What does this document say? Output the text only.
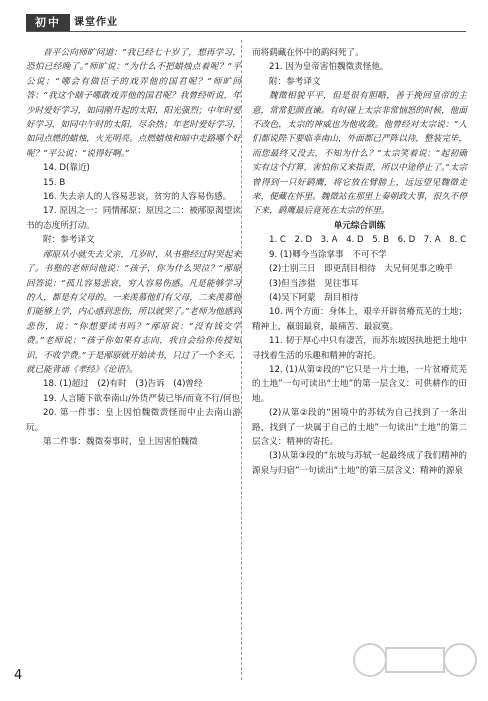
初中	课堂作业

晋平公向师旷问道：“我已经七十岁了，想再学习，恐怕已经晚了。”师旷说：“为什么不把蜡烛点着呢？”平公说：“哪会有做臣子的戏弄他的国君呢？”师旷回答：“我这个瞎子哪敢戏弄他的国君呢？我曾经听说，年少时爱好学习，如同刚升起的太阳，阳光强烈；中年时爱好学习，如同中午时的太阳，尽余热；年老时爱好学习，如同点燃的蜡烛，火光明亮。点燃蜡烛和暗中走路哪个好呢？”平公说：“说得好啊。”

14. D(靠近)

15. B

16. 失去亲人的人容易悲哀，贫穷的人容易伤感。

17. 原因之一：同情邴原；原因之二：被邴原渴望读书的态度所打动。

附：参考译文

邴原从小就失去父亲，几岁时，从书塾经过时哭起来了。书塾的老师问他说：“孩子，你为什么哭泣？”邴原回答说：“孤儿容易悲哀，穷人容易伤感。凡是能够学习的人，都是有父母的。一来羡慕他们有父母，二来羡慕他们能够上学，内心感到悲伤，所以就哭了。”老师为他感到悲伤，说：“你想要读书吗？”邴原说：“没有钱交学费。”老师说：“孩子你如果有志向，我自会给你传授知识，不收学费。”于是邴原就开始读书，只过了一个冬天，就已能背诵《孝经》《论语》。

18. (1)超过　(2)有时　(3)告诉　(4)曾经

19. 人言随下欲奉南山/外货严装已毕/而竟不行/何也

20. 第一件事：皇上因怕魏徵责怪而中止去南山游玩。

第二件事：魏徵奏事时，皇上因害怕魏徵

而将鹞藏在怀中的鹞闷死了。

21. 因为皇帝害怕魏徵责怪他。

附：参考译文

魏徵相貌平平，但是很有胆略，善于挽回皇帝的主意，常常犯颜直谏。有时碰上太宗非常恼怒的时候，他面不改色，太宗的神威也为他收敛。他曾经对太宗说：“人们都说陛下要临幸南山，外面都已严阵以待，整装完毕，而您最终又没去，不知为什么？”太宗笑着说：“起初确实有这个打算，害怕你又来指责，所以中途停止了。”太宗曾得到一只好鹞鹰，将它放在臂膀上，远远望见魏徵走来，便藏在怀里。魏徵站在那里上奏朝政大事，很久不停下来，鹞鹰最后竟死在太宗的怀里。

单元综合训练

1. C　2. D　3. A　4. D　5. B　6. D　7. A　8. C

9. (1)卿今当涂掌事　不可不学

(2)士别三日　即更刮目相待　大兄何见事之晚乎

(3)但当涉猎　见往事耳

(4)吴下阿蒙　刮目相待

10. 两个方面：身体上，艰辛开辟贫瘠荒芜的土地；精神上，羸弱最衰，最痛苦、最寂寞。

11. 韧于厚心中只有凄苦，而苏东坡因执地把土地中寻找着生活的乐趣和精神的寄托。

12. (1)从第②段的“它只是一片土地，一片贫瘠荒芜的土地”一句可读出“土地”的第一层含义：可供耕作的田地。

(2)从第②段的“困境中的苏轼为自己找到了一条出路，找到了一块属于自己的土地”一句读出“土地”的第二层含义：精神的寄托。

(3)从第③段的“东坡与苏轼一起最终成了我们精神的源泉与归宿”一句读出“土地”的第三层含义：精神的源泉

4
